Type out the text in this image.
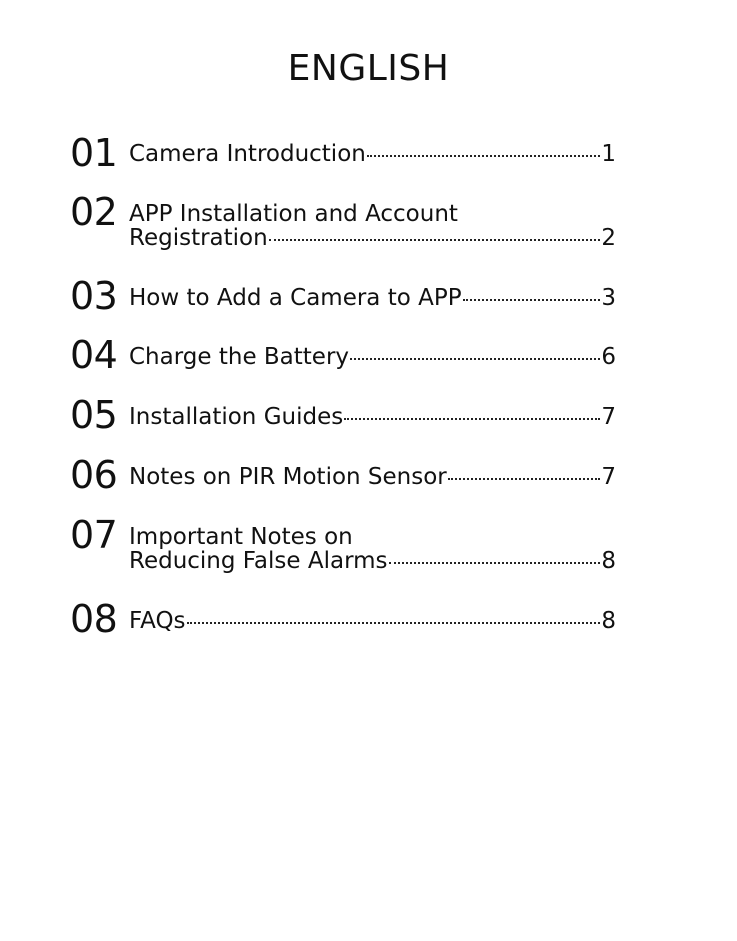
ENGLISH
01 Camera Introduction	1
02 APP Installation and Account
Registration	2
03 How to Add a Camera to APP	3
04 Charge the Battery	6
05 Installation Guides	7
06 Notes on PIR Motion Sensor	7
07 Important Notes on
Reducing False Alarms	8
08 FAQs	8
